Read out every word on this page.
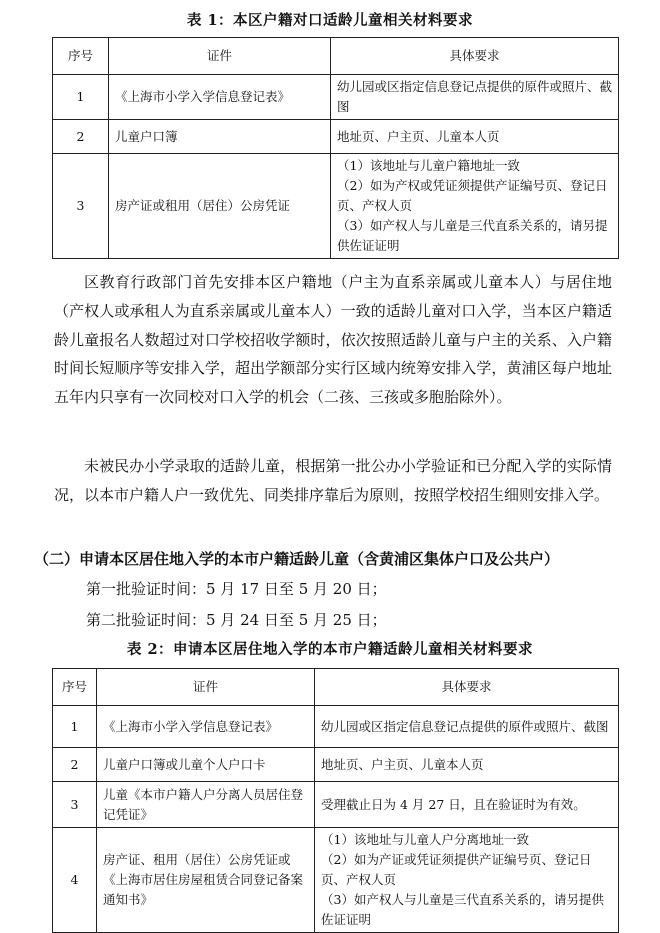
表 1：本区户籍对口适龄儿童相关材料要求
序号	证件	具体要求
1	《上海市小学入学信息登记表》	幼儿园或区指定信息登记点提供的原件或照片、截图
2	儿童户口簿	地址页、户主页、儿童本人页
3	房产证或租用（居住）公房凭证	（1）该地址与儿童户籍地址一致
（2）如为产权或凭证须提供产证编号页、登记日页、产权人页
（3）如产权人与儿童是三代直系关系的，请另提供佐证证明
区教育行政部门首先安排本区户籍地（户主为直系亲属或儿童本人）与居住地（产权人或承租人为直系亲属或儿童本人）一致的适龄儿童对口入学，当本区户籍适龄儿童报名人数超过对口学校招收学额时，依次按照适龄儿童与户主的关系、入户籍时间长短顺序等安排入学，超出学额部分实行区域内统筹安排入学，黄浦区每户地址五年内只享有一次同校对口入学的机会（二孩、三孩或多胞胎除外）。
未被民办小学录取的适龄儿童，根据第一批公办小学验证和已分配入学的实际情况，以本市户籍人户一致优先、同类排序靠后为原则，按照学校招生细则安排入学。
（二）申请本区居住地入学的本市户籍适龄儿童（含黄浦区集体户口及公共户）
第一批验证时间：5 月 17 日至 5 月 20 日；
第二批验证时间：5 月 24 日至 5 月 25 日；
表 2：申请本区居住地入学的本市户籍适龄儿童相关材料要求
序号	证件	具体要求
1	《上海市小学入学信息登记表》	幼儿园或区指定信息登记点提供的原件或照片、截图
2	儿童户口簿或儿童个人户口卡	地址页、户主页、儿童本人页
3	儿童《本市户籍人户分离人员居住登记凭证》	受理截止日为 4 月 27 日，且在验证时为有效。
4	房产证、租用（居住）公房凭证或《上海市居住房屋租赁合同登记备案通知书》	（1）该地址与儿童人户分离地址一致
（2）如为产证或凭证须提供产证编号页、登记日页、产权人页
（3）如产权人与儿童是三代直系关系的，请另提供佐证证明
